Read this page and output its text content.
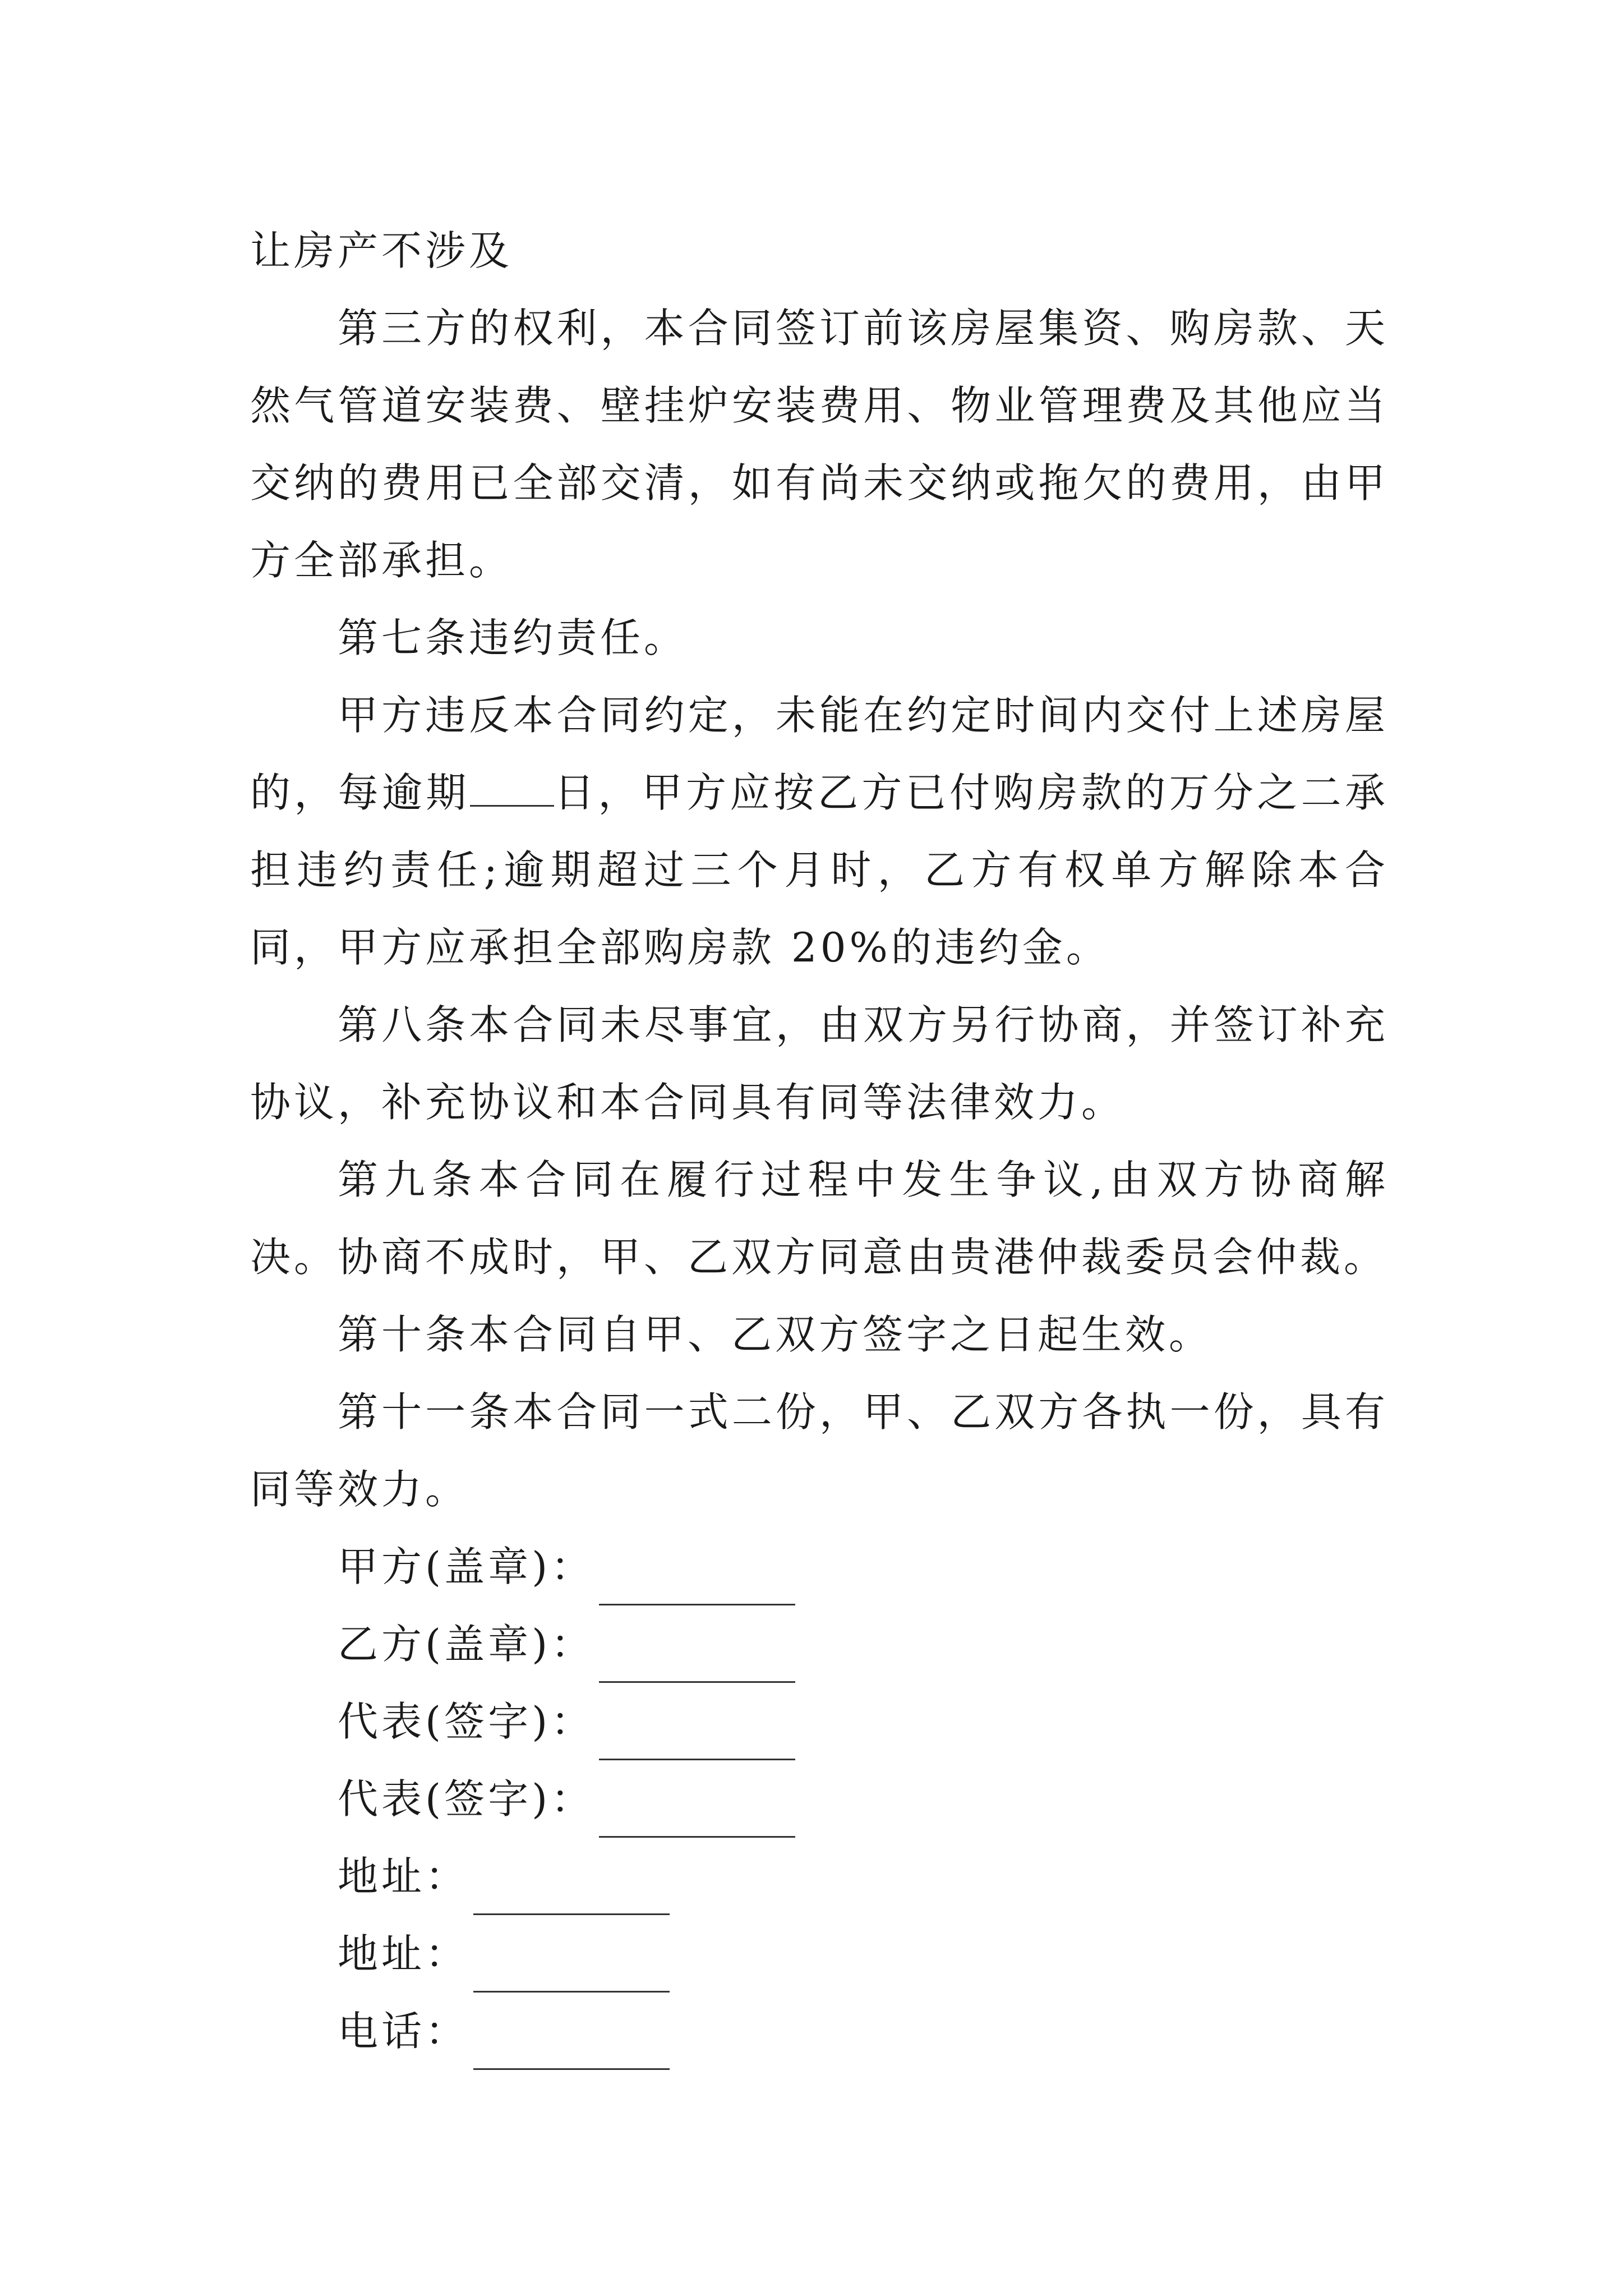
让房产不涉及

第三方的权利，本合同签订前该房屋集资、购房款、天然气管道安装费、壁挂炉安装费用、物业管理费及其他应当交纳的费用已全部交清，如有尚未交纳或拖欠的费用，由甲方全部承担。

第七条违约责任。

甲方违反本合同约定，未能在约定时间内交付上述房屋的，每逾期 日，甲方应按乙方已付购房款的万分之二承担违约责任;逾期超过三个月时，乙方有权单方解除本合同，甲方应承担全部购房款 20%的违约金。

第八条本合同未尽事宜，由双方另行协商，并签订补充协议，补充协议和本合同具有同等法律效力。

第九条本合同在履行过程中发生争议,由双方协商解决。协商不成时，甲、乙双方同意由贵港仲裁委员会仲裁。

第十条本合同自甲、乙双方签字之日起生效。

第十一条本合同一式二份，甲、乙双方各执一份，具有同等效力。

甲方(盖章)：
乙方(盖章)：
代表(签字)：
代表(签字)：
地址：
地址：
电话：
